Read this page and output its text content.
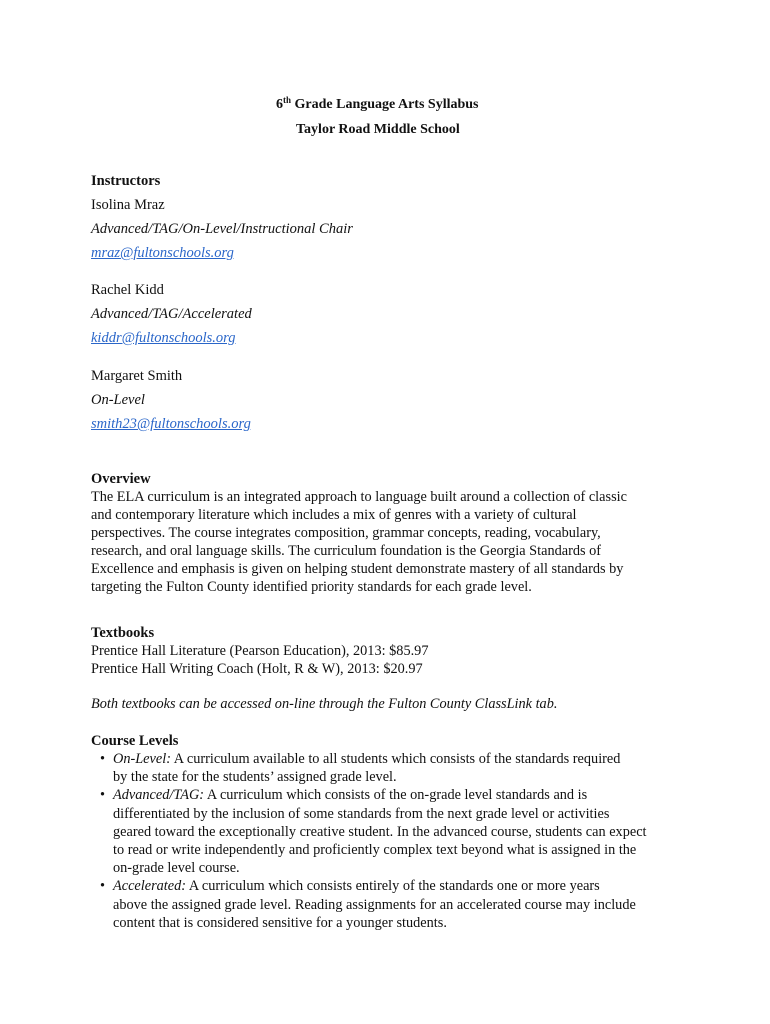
6th Grade Language Arts Syllabus
Taylor Road Middle School
Instructors
Isolina Mraz
Advanced/TAG/On-Level/Instructional Chair
mraz@fultonschools.org
Rachel Kidd
Advanced/TAG/Accelerated
kiddr@fultonschools.org
Margaret Smith
On-Level
smith23@fultonschools.org
Overview
The ELA curriculum is an integrated approach to language built around a collection of classic
and contemporary literature which includes a mix of genres with a variety of cultural
perspectives. The course integrates composition, grammar concepts, reading, vocabulary,
research, and oral language skills. The curriculum foundation is the Georgia Standards of
Excellence and emphasis is given on helping student demonstrate mastery of all standards by
targeting the Fulton County identified priority standards for each grade level.
Textbooks
Prentice Hall Literature (Pearson Education), 2013: $85.97
Prentice Hall Writing Coach (Holt, R & W), 2013: $20.97
Both textbooks can be accessed on-line through the Fulton County ClassLink tab.
Course Levels
• On-Level: A curriculum available to all students which consists of the standards required
by the state for the students’ assigned grade level.
• Advanced/TAG: A curriculum which consists of the on-grade level standards and is
differentiated by the inclusion of some standards from the next grade level or activities
geared toward the exceptionally creative student. In the advanced course, students can expect
to read or write independently and proficiently complex text beyond what is assigned in the
on-grade level course.
• Accelerated: A curriculum which consists entirely of the standards one or more years
above the assigned grade level. Reading assignments for an accelerated course may include
content that is considered sensitive for a younger students.
